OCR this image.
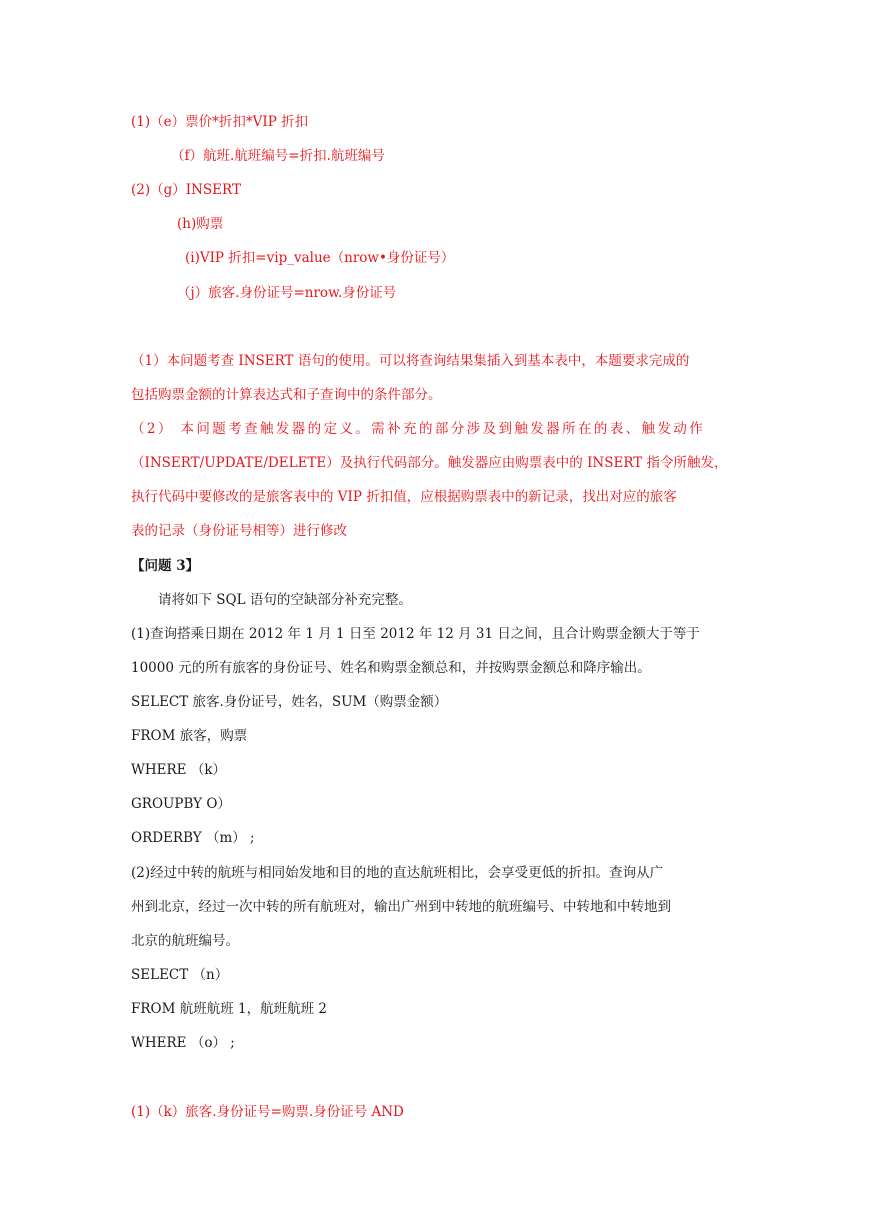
(1)（e）票价*折扣*VIP 折扣
（f）航班.航班编号=折扣.航班编号
(2)（g）INSERT
(h)购票
(i)VIP 折扣=vip_value（nrow•身份证号）
（j）旅客.身份证号=nrow.身份证号
（1）本问题考查 INSERT 语句的使用。可以将查询结果集插入到基本表中，本题要求完成的
包括购票金额的计算表达式和子查询中的条件部分。
（2） 本问题考查触发器的定义。需补充的部分涉及到触发器所在的表、触发动作
（INSERT/UPDATE/DELETE）及执行代码部分。触发器应由购票表中的 INSERT 指令所触发，
执行代码中要修改的是旅客表中的 VIP 折扣值，应根据购票表中的新记录，找出对应的旅客
表的记录（身份证号相等）进行修改
【问题 3】
请将如下 SQL 语句的空缺部分补充完整。
(1)查询搭乘日期在 2012 年 1 月 1 日至 2012 年 12 月 31 日之间，且合计购票金额大于等于
10000 元的所有旅客的身份证号、姓名和购票金额总和，并按购票金额总和降序输出。
SELECT 旅客.身份证号，姓名，SUM（购票金额）
FROM 旅客，购票
WHERE （k）
GROUPBY O）
ORDERBY （m） ;
(2)经过中转的航班与相同始发地和目的地的直达航班相比，会享受更低的折扣。查询从广
州到北京，经过一次中转的所有航班对，输出广州到中转地的航班编号、中转地和中转地到
北京的航班编号。
SELECT （n）
FROM 航班航班 1，航班航班 2
WHERE （o） ;
(1)（k）旅客.身份证号=购票.身份证号 AND
